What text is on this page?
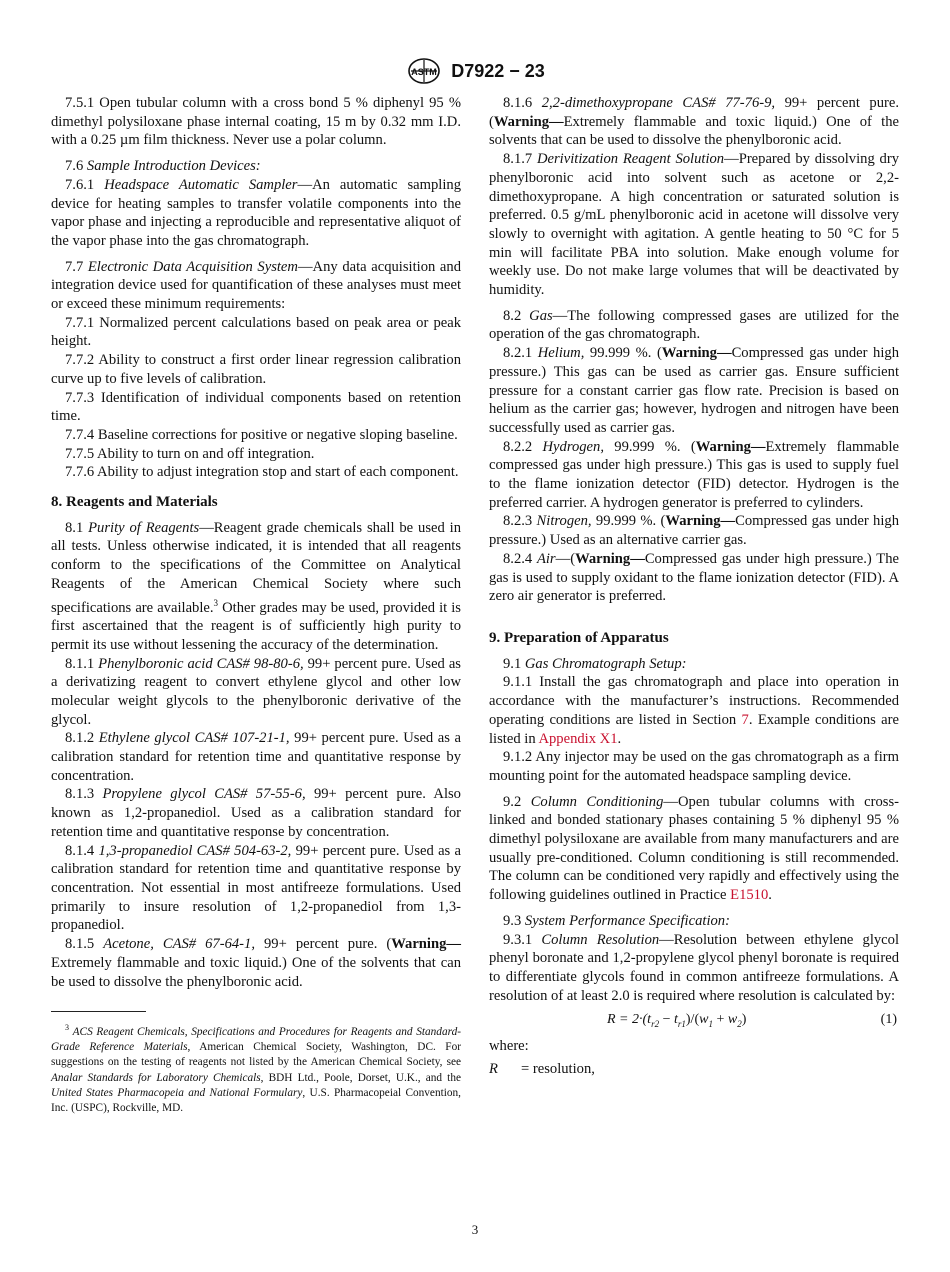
ASTM D7922 − 23

7.5.1 Open tubular column with a cross bond 5 % diphenyl 95 % dimethyl polysiloxane phase internal coating, 15 m by 0.32 mm I.D. with a 0.25 µm film thickness. Never use a polar column.

7.6 Sample Introduction Devices:

7.6.1 Headspace Automatic Sampler—An automatic sampling device for heating samples to transfer volatile components into the vapor phase and injecting a reproducible and representative aliquot of the vapor phase into the gas chromatograph.

7.7 Electronic Data Acquisition System—Any data acquisition and integration device used for quantification of these analyses must meet or exceed these minimum requirements:

7.7.1 Normalized percent calculations based on peak area or peak height.

7.7.2 Ability to construct a first order linear regression calibration curve up to five levels of calibration.

7.7.3 Identification of individual components based on retention time.

7.7.4 Baseline corrections for positive or negative sloping baseline.

7.7.5 Ability to turn on and off integration.

7.7.6 Ability to adjust integration stop and start of each component.

8. Reagents and Materials

8.1 Purity of Reagents—Reagent grade chemicals shall be used in all tests. Unless otherwise indicated, it is intended that all reagents conform to the specifications of the Committee on Analytical Reagents of the American Chemical Society where such specifications are available.$^3$ Other grades may be used, provided it is first ascertained that the reagent is of sufficiently high purity to permit its use without lessening the accuracy of the determination.

8.1.1 Phenylboronic acid CAS# 98-80-6, 99+ percent pure. Used as a derivatizing reagent to convert ethylene glycol and other low molecular weight glycols to the phenylboronic derivative of the glycol.

8.1.2 Ethylene glycol CAS# 107-21-1, 99+ percent pure. Used as a calibration standard for retention time and quantitative response by concentration.

8.1.3 Propylene glycol CAS# 57-55-6, 99+ percent pure. Also known as 1,2-propanediol. Used as a calibration standard for retention time and quantitative response by concentration.

8.1.4 1,3-propanediol CAS# 504-63-2, 99+ percent pure. Used as a calibration standard for retention time and quantitative response by concentration. Not essential in most antifreeze formulations. Used primarily to insure resolution of 1,2-propanediol from 1,3-propanediol.

8.1.5 Acetone, CAS# 67-64-1, 99+ percent pure. (Warning—Extremely flammable and toxic liquid.) One of the solvents that can be used to dissolve the phenylboronic acid.

$^3$ ACS Reagent Chemicals, Specifications and Procedures for Reagents and Standard-Grade Reference Materials, American Chemical Society, Washington, DC. For suggestions on the testing of reagents not listed by the American Chemical Society, see Analar Standards for Laboratory Chemicals, BDH Ltd., Poole, Dorset, U.K., and the United States Pharmacopeia and National Formulary, U.S. Pharmacopeial Convention, Inc. (USPC), Rockville, MD.

8.1.6 2,2-dimethoxypropane CAS# 77-76-9, 99+ percent pure. (Warning—Extremely flammable and toxic liquid.) One of the solvents that can be used to dissolve the phenylboronic acid.

8.1.7 Derivitization Reagent Solution—Prepared by dissolving dry phenylboronic acid into solvent such as acetone or 2,2-dimethoxypropane. A high concentration or saturated solution is preferred. 0.5 g/mL phenylboronic acid in acetone will dissolve very slowly to overnight with agitation. A gentle heating to 50 °C for 5 min will facilitate PBA into solution. Make enough volume for weekly use. Do not make large volumes that will be deactivated by humidity.

8.2 Gas—The following compressed gases are utilized for the operation of the gas chromatograph.

8.2.1 Helium, 99.999 %. (Warning—Compressed gas under high pressure.) This gas can be used as carrier gas. Ensure sufficient pressure for a constant carrier gas flow rate. Precision is based on helium as the carrier gas; however, hydrogen and nitrogen have been successfully used as carrier gas.

8.2.2 Hydrogen, 99.999 %. (Warning—Extremely flammable compressed gas under high pressure.) This gas is used to supply fuel to the flame ionization detector (FID) detector. Hydrogen is the preferred carrier. A hydrogen generator is preferred to cylinders.

8.2.3 Nitrogen, 99.999 %. (Warning—Compressed gas under high pressure.) Used as an alternative carrier gas.

8.2.4 Air—(Warning—Compressed gas under high pressure.) The gas is used to supply oxidant to the flame ionization detector (FID). A zero air generator is preferred.

9. Preparation of Apparatus

9.1 Gas Chromatograph Setup:

9.1.1 Install the gas chromatograph and place into operation in accordance with the manufacturer’s instructions. Recommended operating conditions are listed in Section 7. Example conditions are listed in Appendix X1.

9.1.2 Any injector may be used on the gas chromatograph as a firm mounting point for the automated headspace sampling device.

9.2 Column Conditioning—Open tubular columns with cross-linked and bonded stationary phases containing 5 % diphenyl 95 % dimethyl polysiloxane are available from many manufacturers and are usually pre-conditioned. Column conditioning is still recommended. The column can be conditioned very rapidly and effectively using the following guidelines outlined in Practice E1510.

9.3 System Performance Specification:

9.3.1 Column Resolution—Resolution between ethylene glycol phenyl boronate and 1,2-propylene glycol phenyl boronate is required to differentiate glycols found in common antifreeze formulations. A resolution of at least 2.0 is required where resolution is calculated by:

$R = 2\cdot(t_{r2} - t_{r1})/(w_1 + w_2)$	(1)

where:

R = resolution,

3
